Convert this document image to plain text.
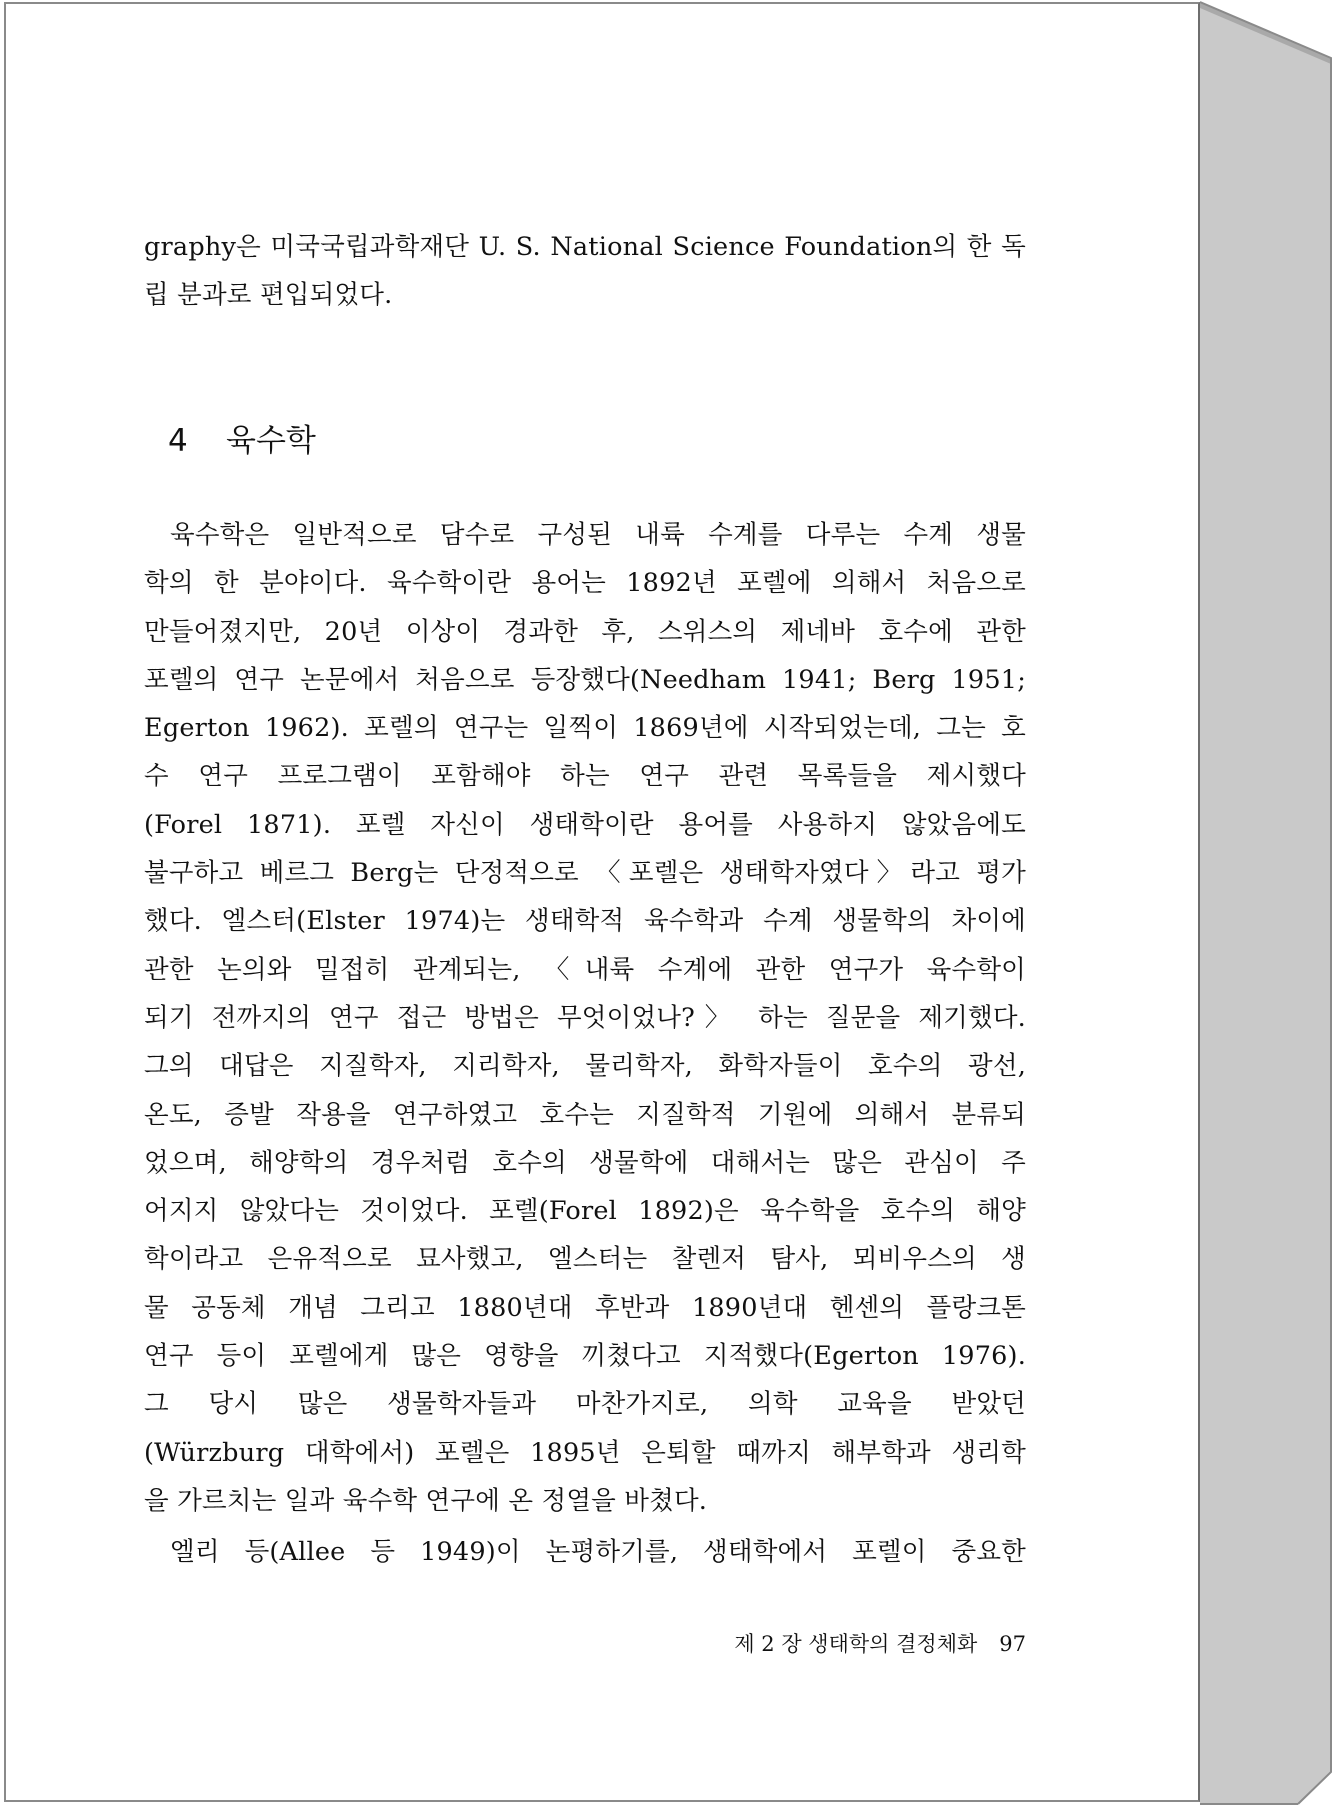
graphy은 미국국립과학재단 U. S. National Science Foundation의 한 독
립 분과로 편입되었다.
4 육수학
육수학은 일반적으로 담수로 구성된 내륙 수계를 다루는 수계 생물
학의 한 분야이다. 육수학이란 용어는 1892년 포렐에 의해서 처음으로
만들어졌지만, 20년 이상이 경과한 후, 스위스의 제네바 호수에 관한
포렐의 연구 논문에서 처음으로 등장했다(Needham 1941; Berg 1951;
Egerton 1962). 포렐의 연구는 일찍이 1869년에 시작되었는데, 그는 호
수 연구 프로그램이 포함해야 하는 연구 관련 목록들을 제시했다
(Forel 1871). 포렐 자신이 생태학이란 용어를 사용하지 않았음에도
불구하고 베르그 Berg는 단정적으로 〈포렐은 생태학자였다〉라고 평가
했다. 엘스터(Elster 1974)는 생태학적 육수학과 수계 생물학의 차이에
관한 논의와 밀접히 관계되는, 〈내륙 수계에 관한 연구가 육수학이
되기 전까지의 연구 접근 방법은 무엇이었나?〉 하는 질문을 제기했다.
그의 대답은 지질학자, 지리학자, 물리학자, 화학자들이 호수의 광선,
온도, 증발 작용을 연구하였고 호수는 지질학적 기원에 의해서 분류되
었으며, 해양학의 경우처럼 호수의 생물학에 대해서는 많은 관심이 주
어지지 않았다는 것이었다. 포렐(Forel 1892)은 육수학을 호수의 해양
학이라고 은유적으로 묘사했고, 엘스터는 찰렌저 탐사, 뫼비우스의 생
물 공동체 개념 그리고 1880년대 후반과 1890년대 헨센의 플랑크톤
연구 등이 포렐에게 많은 영향을 끼쳤다고 지적했다(Egerton 1976).
그 당시 많은 생물학자들과 마찬가지로, 의학 교육을 받았던
(Würzburg 대학에서) 포렐은 1895년 은퇴할 때까지 해부학과 생리학
을 가르치는 일과 육수학 연구에 온 정열을 바쳤다.
엘리 등(Allee 등 1949)이 논평하기를, 생태학에서 포렐이 중요한
제 2 장 생태학의 결정체화 97
